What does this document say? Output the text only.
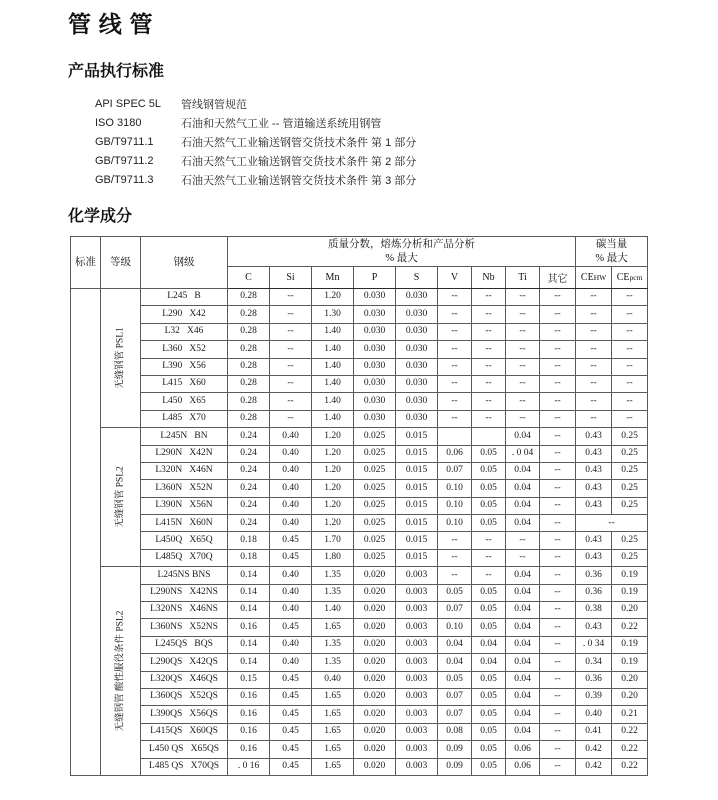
管 线 管
产品执行标准
API SPEC 5L	管线钢管规范
ISO 3180	石油和天然气工业 -- 管道输送系统用钢管
GB/T9711.1	石油天然气工业输送钢管交货技术条件 第 1 部分
GB/T9711.2	石油天然气工业输送钢管交货技术条件 第 2 部分
GB/T9711.3	石油天然气工业输送钢管交货技术条件 第 3 部分
化学成分
标准	等级	钢级	
质量分数，熔炼分析和产品分析
% 最大

碳当量
% 最大

			C	Si	Mn	P	S	V	Nb	Ti	其它	CEHW	CEpcm

	无缝钢管 PSL1	L245   B	0.28	--	1.20	0.030	0.030	--	--	--	--	--	--
		L290   X42	0.28	--	1.30	0.030	0.030	--	--	--	--	--	--
		L32   X46	0.28	--	1.40	0.030	0.030	--	--	--	--	--	--
		L360   X52	0.28	--	1.40	0.030	0.030	--	--	--	--	--	--
		L390   X56	0.28	--	1.40	0.030	0.030	--	--	--	--	--	--
		L415   X60	0.28	--	1.40	0.030	0.030	--	--	--	--	--	--
		L450   X65	0.28	--	1.40	0.030	0.030	--	--	--	--	--	--
		L485   X70	0.28	--	1.40	0.030	0.030	--	--	--	--	--	--

	无缝钢管 PSL2	L245N   BN	0.24	0.40	1.20	0.025	0.015			0.04	--	0.43	0.25
		L290N   X42N	0.24	0.40	1.20	0.025	0.015	0.06	0.05	. 0 04	--	0.43	0.25
		L320N   X46N	0.24	0.40	1.20	0.025	0.015	0.07	0.05	0.04	--	0.43	0.25
		L360N   X52N	0.24	0.40	1.20	0.025	0.015	0.10	0.05	0.04	--	0.43	0.25
		L390N   X56N	0.24	0.40	1.20	0.025	0.015	0.10	0.05	0.04	--	0.43	0.25
		L415N   X60N	0.24	0.40	1.20	0.025	0.015	0.10	0.05	0.04	--	--	
		L450Q   X65Q	0.18	0.45	1.70	0.025	0.015	--	--	--	--	0.43	0.25
		L485Q   X70Q	0.18	0.45	1.80	0.025	0.015	--	--	--	--	0.43	0.25

	无缝钢管 酸性服役条件 PSL2	L245NS BNS	0.14	0.40	1.35	0.020	0.003	--	--	0.04	--	0.36	0.19
		L290NS   X42NS	0.14	0.40	1.35	0.020	0.003	0.05	0.05	0.04	--	0.36	0.19
		L320NS   X46NS	0.14	0.40	1.40	0.020	0.003	0.07	0.05	0.04	--	0.38	0.20
		L360NS   X52NS	0.16	0.45	1.65	0.020	0.003	0.10	0.05	0.04	--	0.43	0.22
		L245QS   BQS	0.14	0.40	1.35	0.020	0.003	0.04	0.04	0.04	--	. 0 34	0.19
		L290QS   X42QS	0.14	0.40	1.35	0.020	0.003	0.04	0.04	0.04	--	0.34	0.19
		L320QS   X46QS	0.15	0.45	0.40	0.020	0.003	0.05	0.05	0.04	--	0.36	0.20
		L360QS   X52QS	0.16	0.45	1.65	0.020	0.003	0.07	0.05	0.04	--	0.39	0.20
		L390QS   X56QS	0.16	0.45	1.65	0.020	0.003	0.07	0.05	0.04	--	0.40	0.21
		L415QS   X60QS	0.16	0.45	1.65	0.020	0.003	0.08	0.05	0.04	--	0.41	0.22
		L450 QS   X65QS	0.16	0.45	1.65	0.020	0.003	0.09	0.05	0.06	--	0.42	0.22
		L485 QS   X70QS	. 0 16	0.45	1.65	0.020	0.003	0.09	0.05	0.06	--	0.42	0.22
